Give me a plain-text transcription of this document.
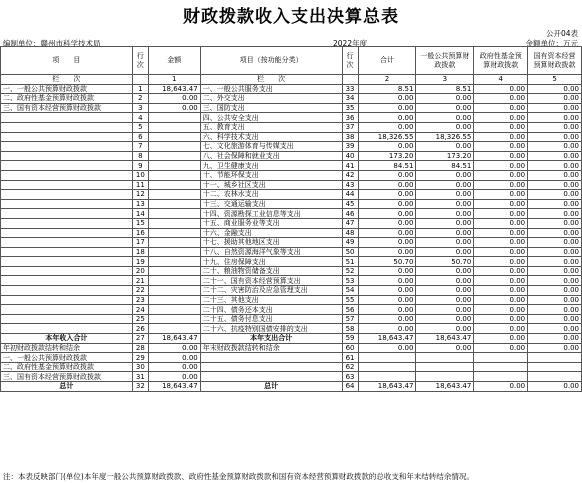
财政拨款收入支出决算总表
公开04表
编制单位：赣州市科学技术局	2022年度	金额单位：万元
项　　目	行次	金额	项目（按功能分类）	行次	合计	一般公共预算财政拨款	政府性基金预算财政拨款	国有资本经营预算财政拨款
栏　　次		1	栏　　次		2	3	4	5
一、一般公共预算财政拨款	1	18,643.47	一、一般公共服务支出	33	8.51	8.51	0.00	0.00
二、政府性基金预算财政拨款	2	0.00	二、外交支出	34	0.00	0.00	0.00	0.00
三、国有资本经营预算财政拨款	3	0.00	三、国防支出	35	0.00	0.00	0.00	0.00
	4		四、公共安全支出	36	0.00	0.00	0.00	0.00
	5		五、教育支出	37	0.00	0.00	0.00	0.00
	6		六、科学技术支出	38	18,326.55	18,326.55	0.00	0.00
	7		七、文化旅游体育与传媒支出	39	0.00	0.00	0.00	0.00
	8		八、社会保障和就业支出	40	173.20	173.20	0.00	0.00
	9		九、卫生健康支出	41	84.51	84.51	0.00	0.00
	10		十、节能环保支出	42	0.00	0.00	0.00	0.00
	11		十一、城乡社区支出	43	0.00	0.00	0.00	0.00
	12		十二、农林水支出	44	0.00	0.00	0.00	0.00
	13		十三、交通运输支出	45	0.00	0.00	0.00	0.00
	14		十四、资源勘探工业信息等支出	46	0.00	0.00	0.00	0.00
	15		十五、商业服务业等支出	47	0.00	0.00	0.00	0.00
	16		十六、金融支出	48	0.00	0.00	0.00	0.00
	17		十七、援助其他地区支出	49	0.00	0.00	0.00	0.00
	18		十八、自然资源海洋气象等支出	50	0.00	0.00	0.00	0.00
	19		十九、住房保障支出	51	50.70	50.70	0.00	0.00
	20		二十、粮油物资储备支出	52	0.00	0.00	0.00	0.00
	21		二十一、国有资本经营预算支出	53	0.00	0.00	0.00	0.00
	22		二十二、灾害防治及应急管理支出	54	0.00	0.00	0.00	0.00
	23		二十三、其他支出	55	0.00	0.00	0.00	0.00
	24		二十四、债务还本支出	56	0.00	0.00	0.00	0.00
	25		二十五、债务付息支出	57	0.00	0.00	0.00	0.00
	26		二十六、抗疫特别国债安排的支出	58	0.00	0.00	0.00	0.00
本年收入合计	27	18,643.47	本年支出合计	59	18,643.47	18,643.47	0.00	0.00
年初财政拨款结转和结余	28	0.00	年末财政拨款结转和结余	60	0.00	0.00	0.00	0.00
一、一般公共预算财政拨款	29	0.00		61				
二、政府性基金预算财政拨款	30	0.00		62				
三、国有资本经营预算财政拨款	31	0.00		63				
总计	32	18,643.47	总计	64	18,643.47	18,643.47	0.00	0.00
注：本表反映部门(单位)本年度一般公共预算财政拨款、政府性基金预算财政拨款和国有资本经营预算财政拨款的总收支和年末结转结余情况。
